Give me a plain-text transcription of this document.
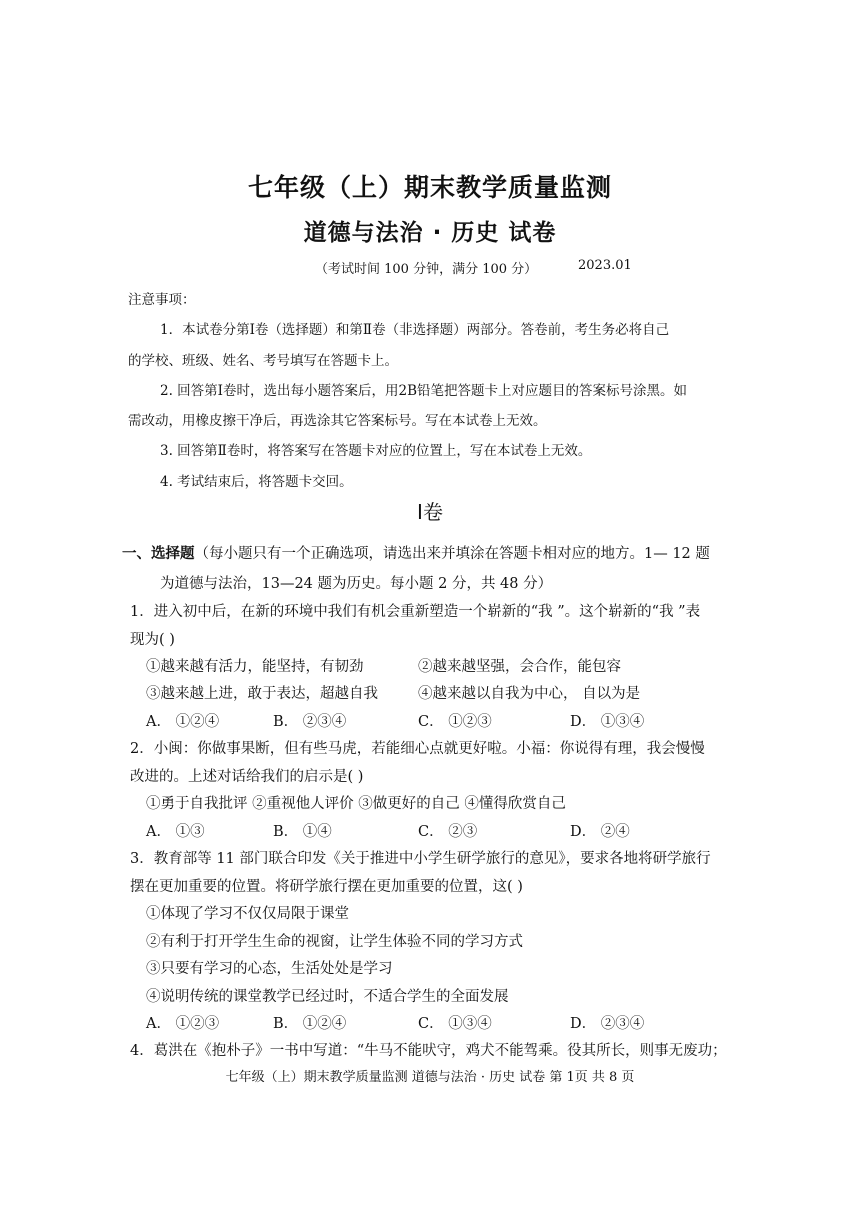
七年级（上）期末教学质量监测
道德与法治 · 历史 试卷
（考试时间 100 分钟，满分 100 分）	2023.01
注意事项：
1．本试卷分第Ⅰ卷（选择题）和第Ⅱ卷（非选择题）两部分。答卷前，考生务必将自己
的学校、班级、姓名、考号填写在答题卡上。
2. 回答第Ⅰ卷时，选出每小题答案后，用2B铅笔把答题卡上对应题目的答案标号涂黑。如
需改动，用橡皮擦干净后，再选涂其它答案标号。写在本试卷上无效。
3. 回答第Ⅱ卷时，将答案写在答题卡对应的位置上，写在本试卷上无效。
4. 考试结束后，将答题卡交回。
Ⅰ卷
一、选择题（每小题只有一个正确选项，请选出来并填涂在答题卡相对应的地方。1— 12 题
为道德与法治，13—24 题为历史。每小题 2 分，共 48 分）
1．进入初中后，在新的环境中我们有机会重新塑造一个崭新的“我 ”。这个崭新的“我 ”表
现为( )
①越来越有活力，能坚持，有韧劲	②越来越坚强，会合作，能包容
③越来越上进，敢于表达，超越自我	④越来越以自我为中心， 自以为是
A． ①②④	B． ②③④	C． ①②③	D． ①③④
2．小闽：你做事果断，但有些马虎，若能细心点就更好啦。小福：你说得有理，我会慢慢
改进的。上述对话给我们的启示是( )
①勇于自我批评 ②重视他人评价 ③做更好的自己 ④懂得欣赏自己
A． ①③	B． ①④	C． ②③	D． ②④
3．教育部等 11 部门联合印发《关于推进中小学生研学旅行的意见》，要求各地将研学旅行
摆在更加重要的位置。将研学旅行摆在更加重要的位置，这( )
①体现了学习不仅仅局限于课堂
②有利于打开学生生命的视窗，让学生体验不同的学习方式
③只要有学习的心态，生活处处是学习
④说明传统的课堂教学已经过时，不适合学生的全面发展
A． ①②③	B． ①②④	C． ①③④	D． ②③④
4．葛洪在《抱朴子》一书中写道：“牛马不能吠守，鸡犬不能驾乘。役其所长，则事无废功；
七年级（上）期末教学质量监测 道德与法治 · 历史 试卷 第 1页 共 8 页
